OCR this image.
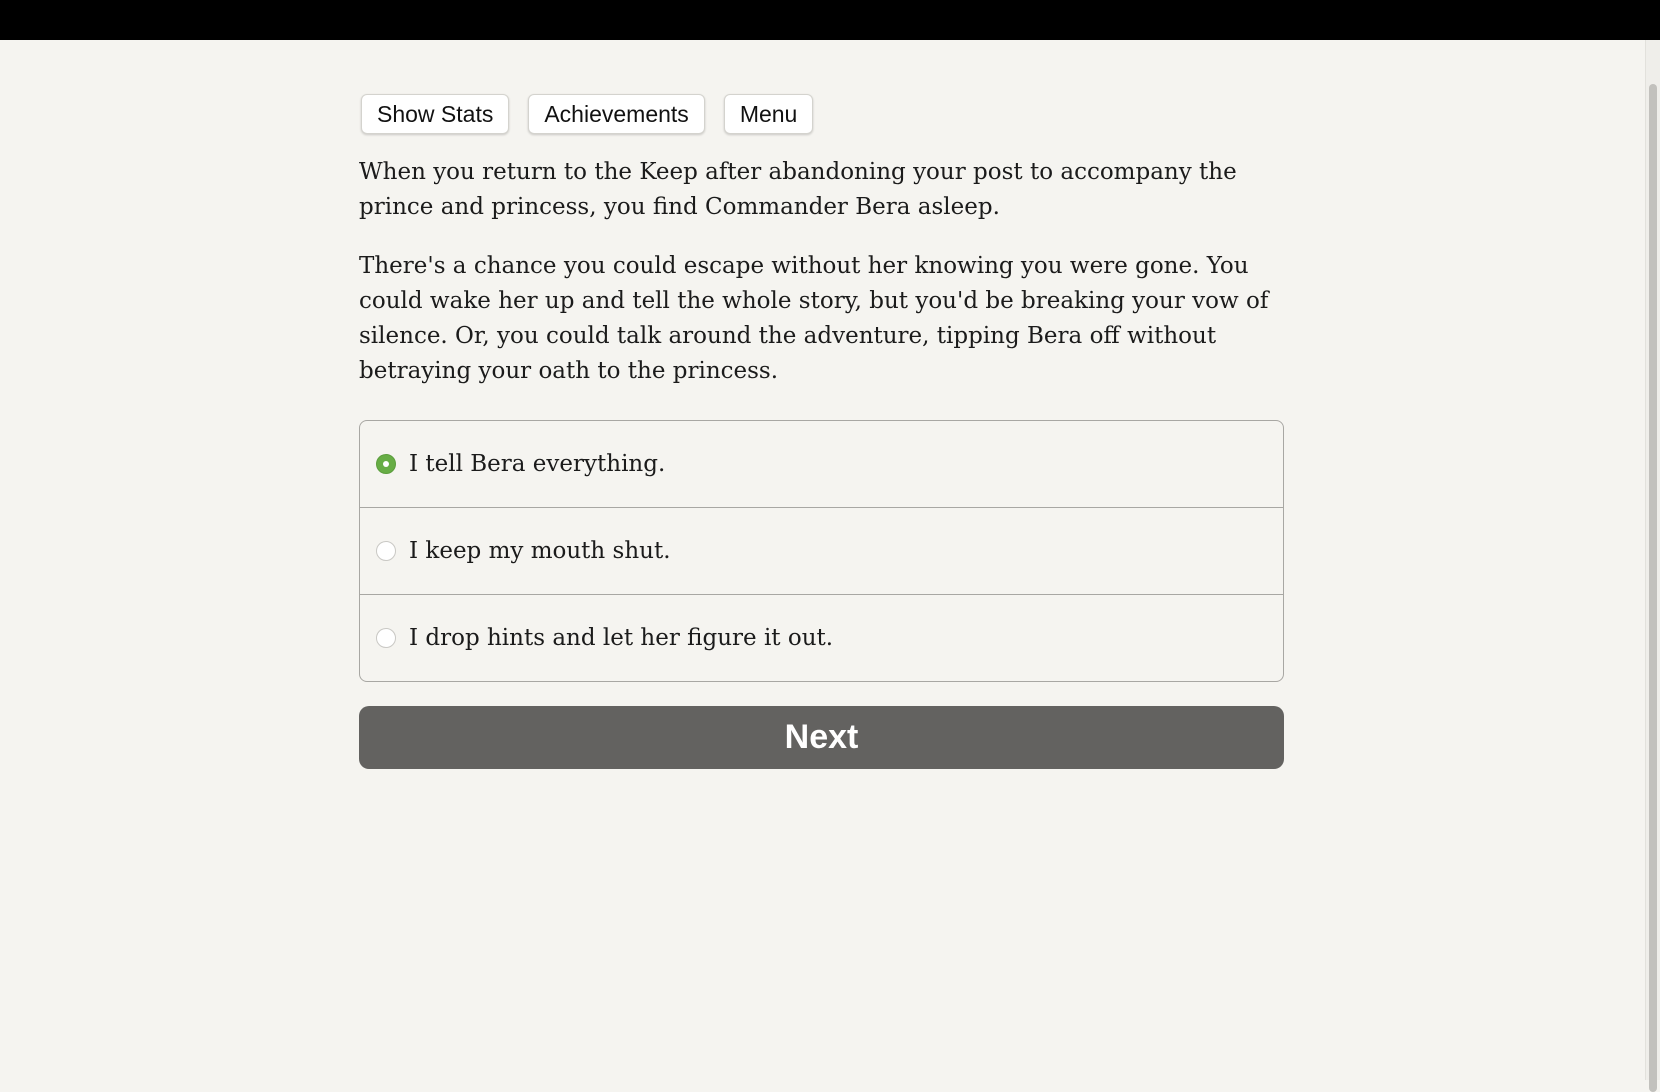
Show Stats	Achievements	Menu

When you return to the Keep after abandoning your post to accompany the prince and princess, you find Commander Bera asleep.

There's a chance you could escape without her knowing you were gone. You could wake her up and tell the whole story, but you'd be breaking your vow of silence. Or, you could talk around the adventure, tipping Bera off without betraying your oath to the princess.

I tell Bera everything.
I keep my mouth shut.
I drop hints and let her figure it out.
Next
